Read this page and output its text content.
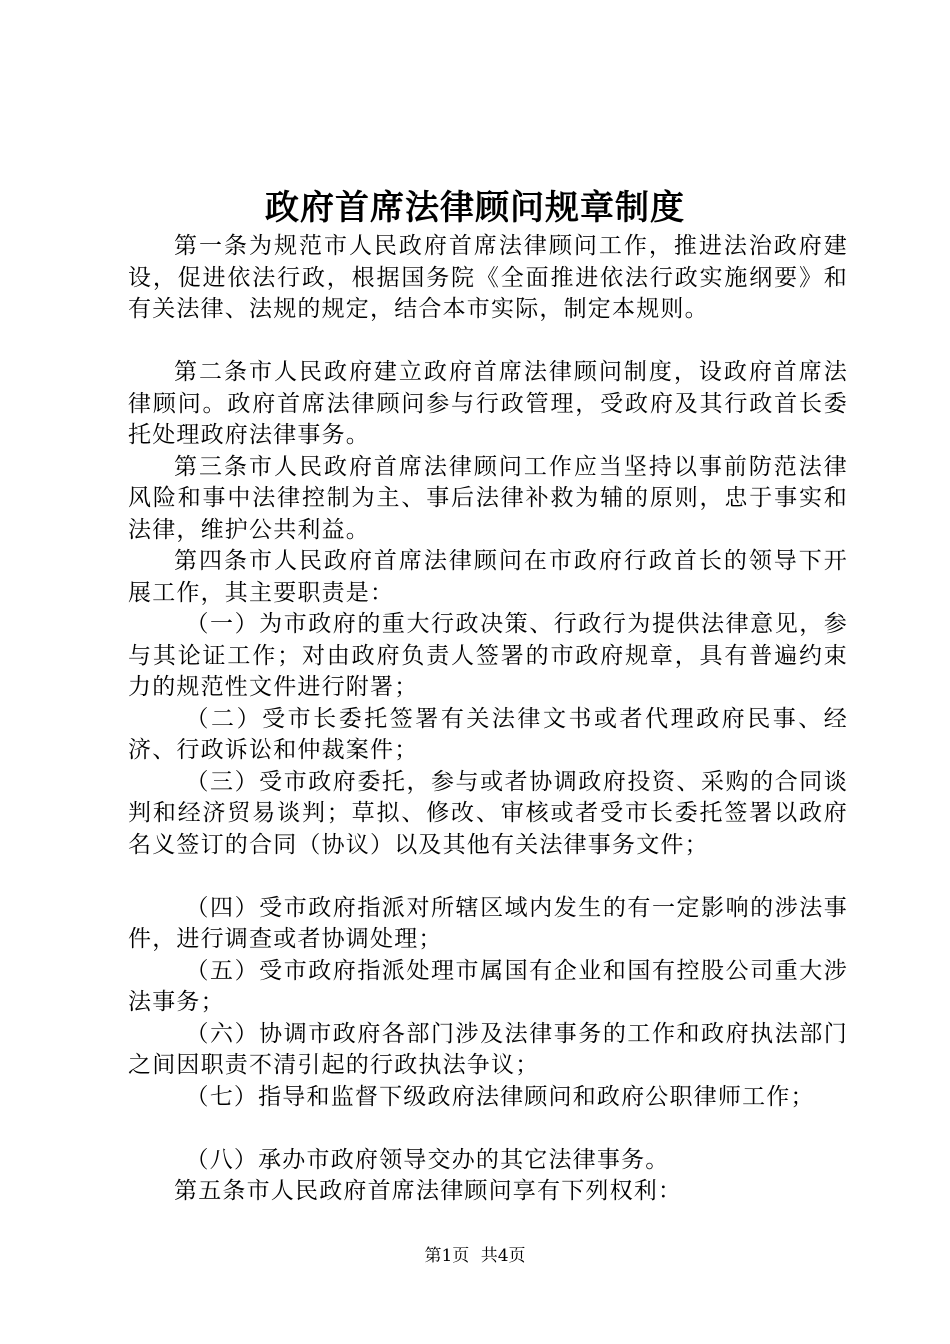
政府首席法律顾问规章制度

第一条为规范市人民政府首席法律顾问工作，推进法治政府建设，促进依法行政，根据国务院《全面推进依法行政实施纲要》和有关法律、法规的规定，结合本市实际，制定本规则。

第二条市人民政府建立政府首席法律顾问制度，设政府首席法律顾问。政府首席法律顾问参与行政管理，受政府及其行政首长委托处理政府法律事务。

第三条市人民政府首席法律顾问工作应当坚持以事前防范法律风险和事中法律控制为主、事后法律补救为辅的原则，忠于事实和法律，维护公共利益。

第四条市人民政府首席法律顾问在市政府行政首长的领导下开展工作，其主要职责是：

（一）为市政府的重大行政决策、行政行为提供法律意见，参与其论证工作；对由政府负责人签署的市政府规章，具有普遍约束力的规范性文件进行附署；

（二）受市长委托签署有关法律文书或者代理政府民事、经济、行政诉讼和仲裁案件；

（三）受市政府委托，参与或者协调政府投资、采购的合同谈判和经济贸易谈判；草拟、修改、审核或者受市长委托签署以政府名义签订的合同（协议）以及其他有关法律事务文件；

（四）受市政府指派对所辖区域内发生的有一定影响的涉法事件，进行调查或者协调处理；

（五）受市政府指派处理市属国有企业和国有控股公司重大涉法事务；

（六）协调市政府各部门涉及法律事务的工作和政府执法部门之间因职责不清引起的行政执法争议；

（七）指导和监督下级政府法律顾问和政府公职律师工作；

（八）承办市政府领导交办的其它法律事务。

第五条市人民政府首席法律顾问享有下列权利：

第1页 共4页
